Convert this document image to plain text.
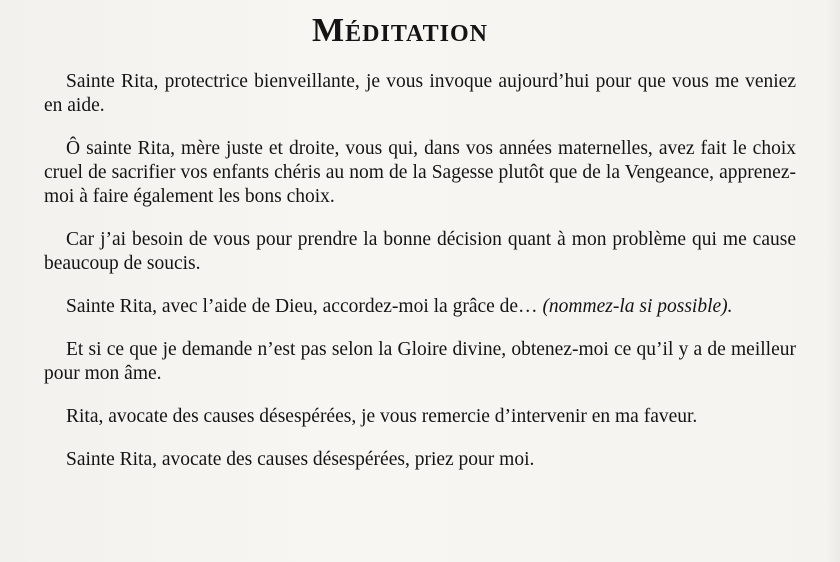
Méditation

Sainte Rita, protectrice bienveillante, je vous invoque aujourd’hui pour que vous me veniez en aide.

Ô sainte Rita, mère juste et droite, vous qui, dans vos années maternelles, avez fait le choix cruel de sacrifier vos enfants chéris au nom de la Sagesse plutôt que de la Vengeance, apprenez-moi à faire également les bons choix.

Car j’ai besoin de vous pour prendre la bonne décision quant à mon problème qui me cause beaucoup de soucis.

Sainte Rita, avec l’aide de Dieu, accordez-moi la grâce de… (nommez-la si possible).

Et si ce que je demande n’est pas selon la Gloire divine, obtenez-moi ce qu’il y a de meilleur pour mon âme.

Rita, avocate des causes désespérées, je vous remercie d’intervenir en ma faveur.

Sainte Rita, avocate des causes désespérées, priez pour moi.
